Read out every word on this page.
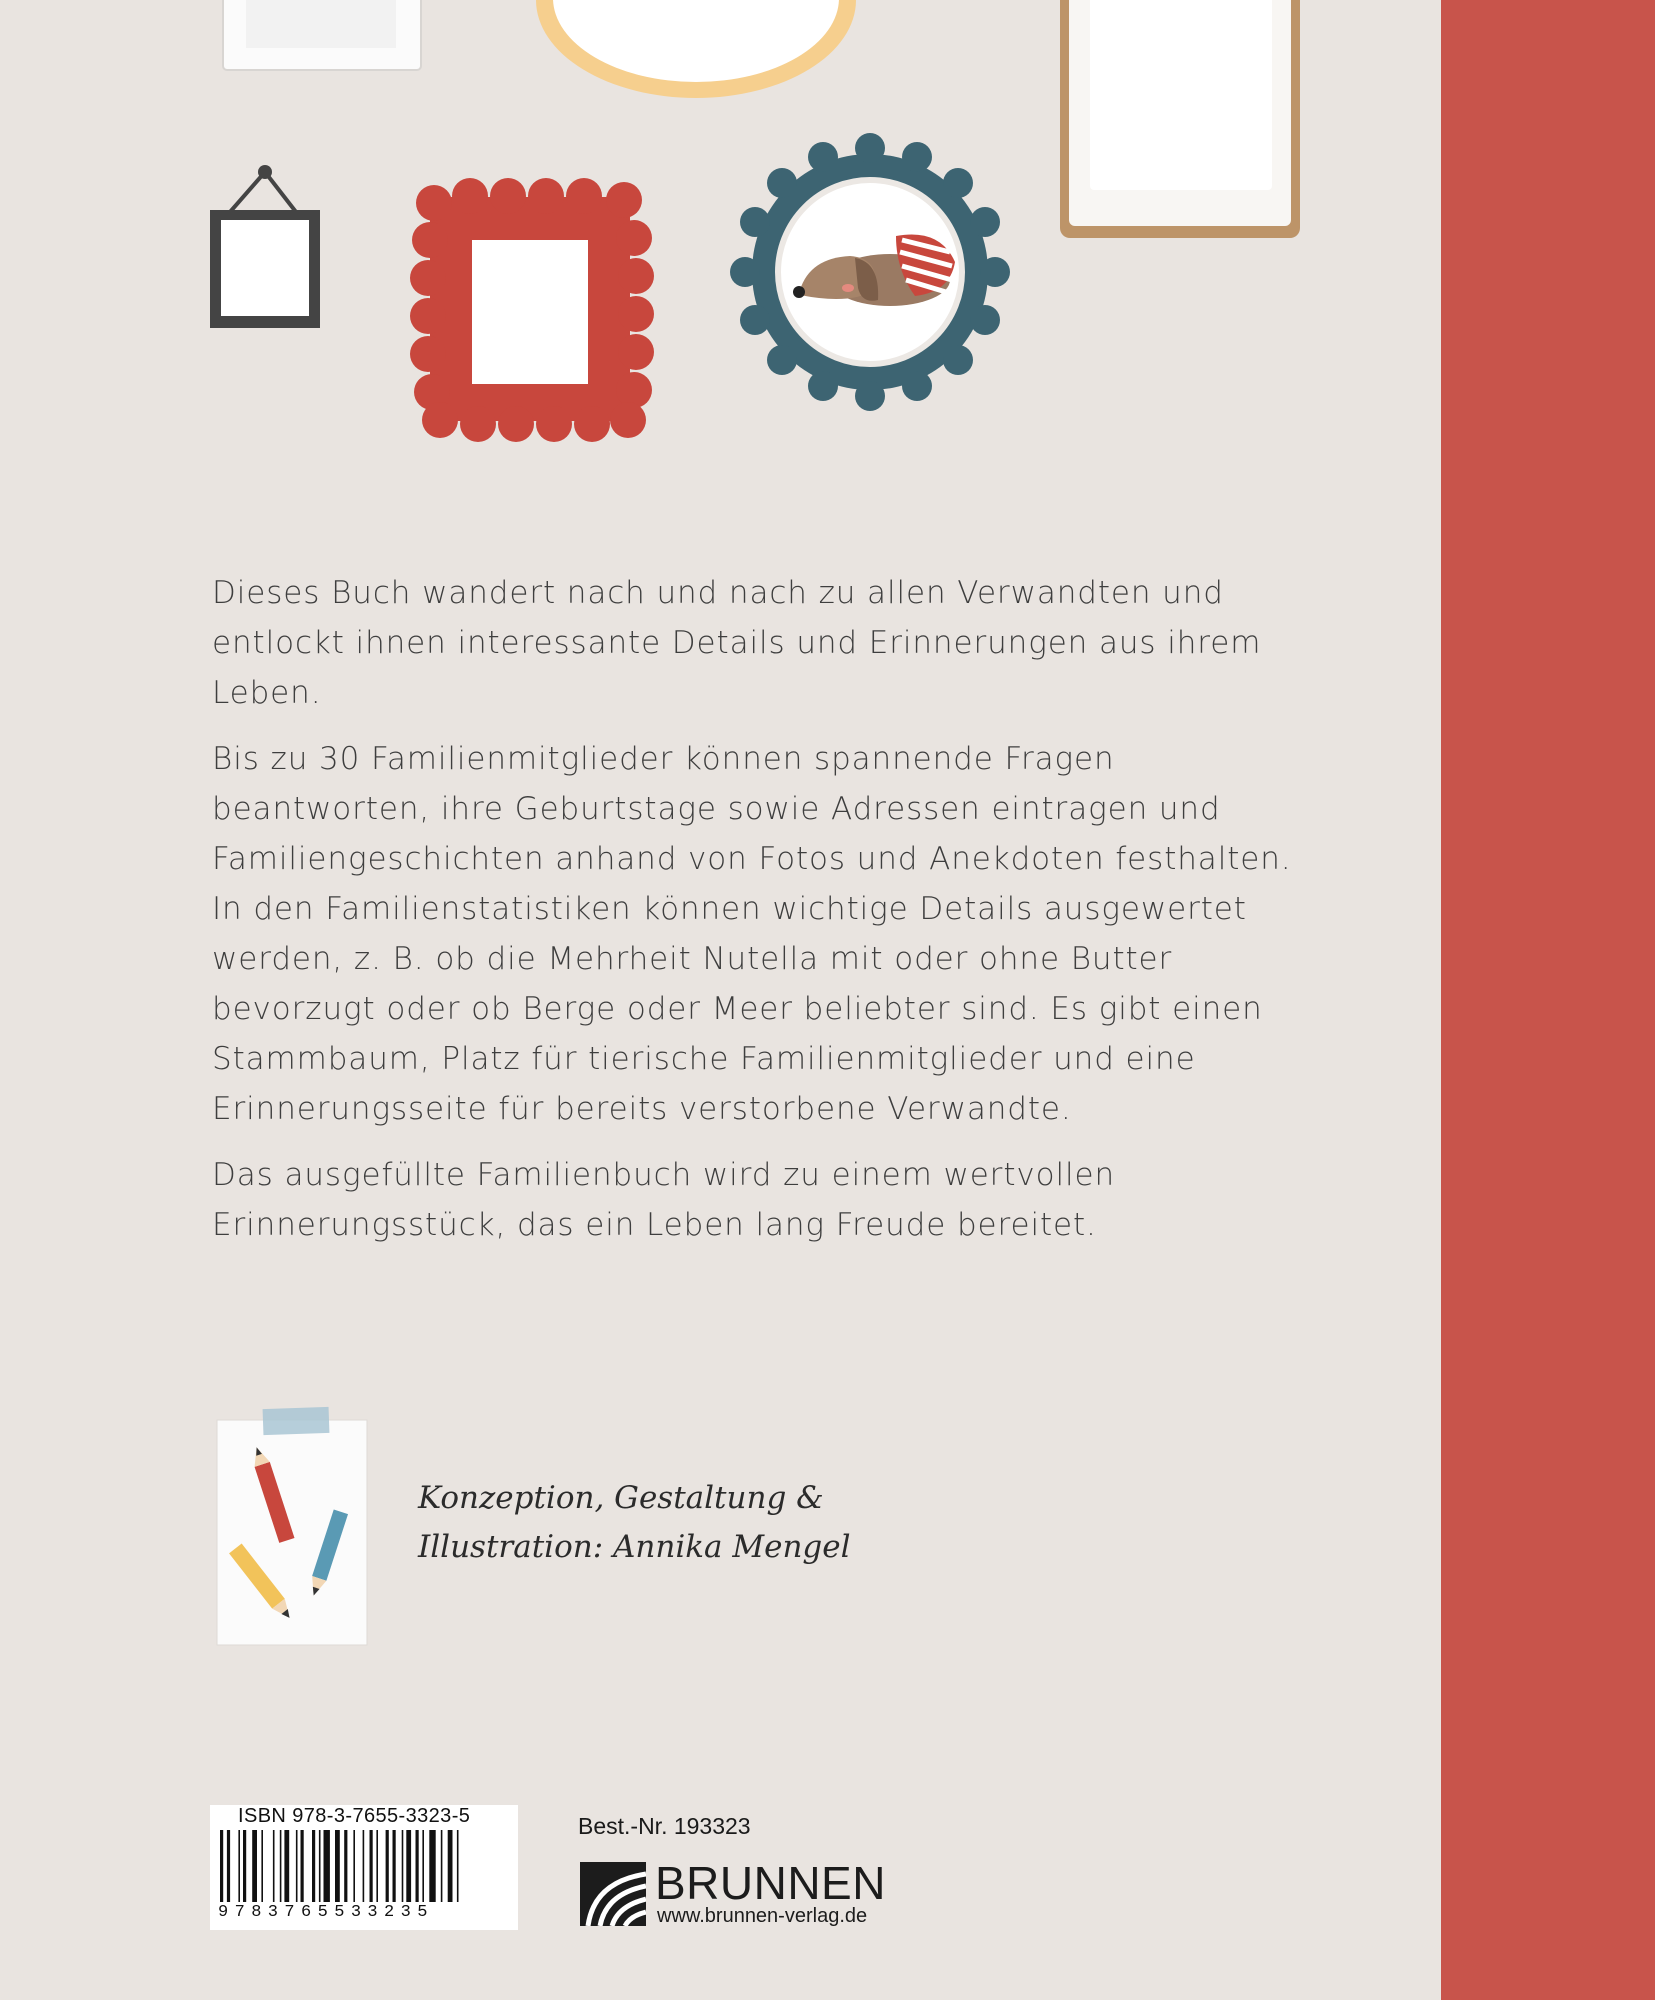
Dieses Buch wandert nach und nach zu allen Verwandten und entlockt ihnen interessante Details und Erinnerungen aus ihrem Leben.

Bis zu 30 Familienmitglieder können spannende Fragen beantworten, ihre Geburtstage sowie Adressen eintragen und Familiengeschichten anhand von Fotos und Anekdoten festhalten. In den Familienstatistiken können wichtige Details ausgewertet werden, z. B. ob die Mehrheit Nutella mit oder ohne Butter bevorzugt oder ob Berge oder Meer beliebter sind. Es gibt einen Stammbaum, Platz für tierische Familienmitglieder und eine Erinnerungsseite für bereits verstorbene Verwandte.

Das ausgefüllte Familienbuch wird zu einem wertvollen Erinnerungsstück, das ein Leben lang Freude bereitet.

Konzeption, Gestaltung &
Illustration: Annika Mengel
ISBN 978-3-7655-3323-5
9783765533235
Best.-Nr. 193323
BRUNNEN
www.brunnen-verlag.de
